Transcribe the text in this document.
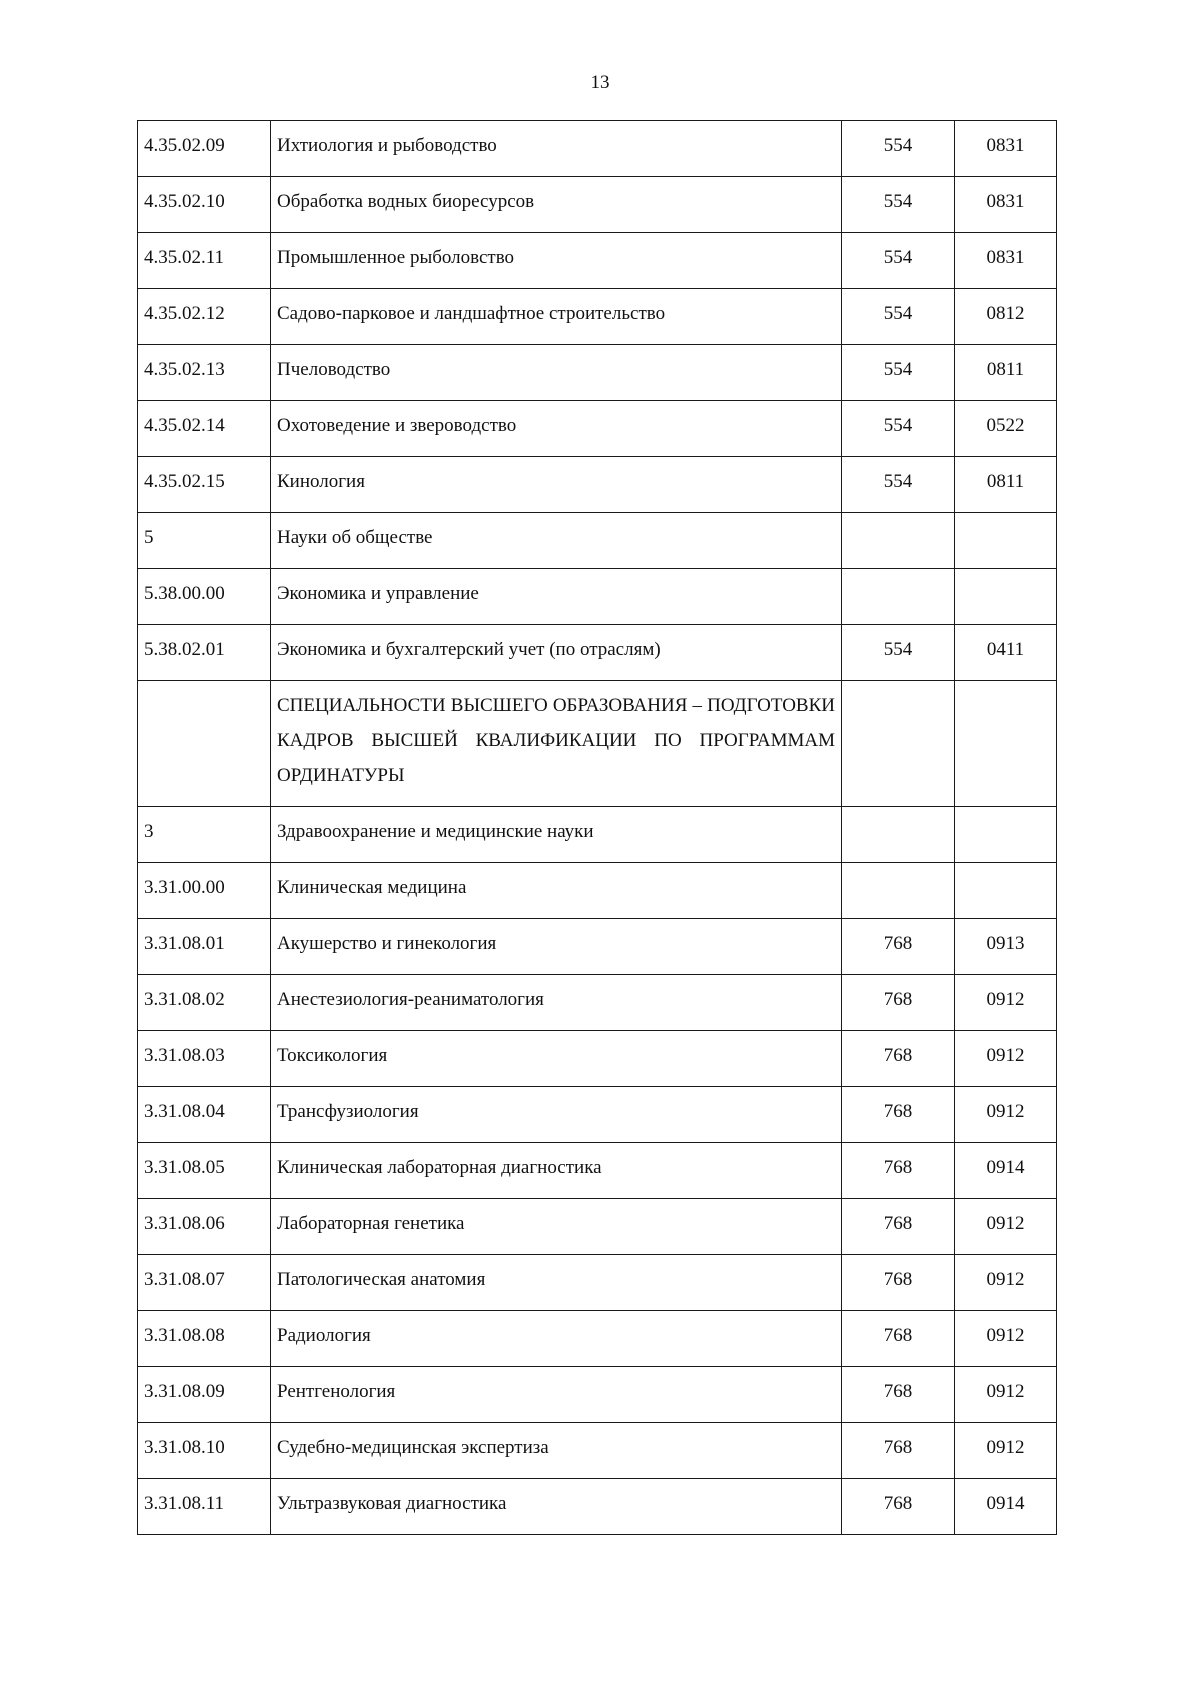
13
4.35.02.09	Ихтиология и рыбоводство	554	0831
4.35.02.10	Обработка водных биоресурсов	554	0831
4.35.02.11	Промышленное рыболовство	554	0831
4.35.02.12	Садово-парковое и ландшафтное строительство	554	0812
4.35.02.13	Пчеловодство	554	0811
4.35.02.14	Охотоведение и звероводство	554	0522
4.35.02.15	Кинология	554	0811
5	Науки об обществе		
5.38.00.00	Экономика и управление		
5.38.02.01	Экономика и бухгалтерский учет (по отраслям)	554	0411
	СПЕЦИАЛЬНОСТИ ВЫСШЕГО ОБРАЗОВАНИЯ – ПОДГОТОВКИ КАДРОВ ВЫСШЕЙ КВАЛИФИКАЦИИ ПО ПРОГРАММАМ ОРДИНАТУРЫ		
3	Здравоохранение и медицинские науки		
3.31.00.00	Клиническая медицина		
3.31.08.01	Акушерство и гинекология	768	0913
3.31.08.02	Анестезиология-реаниматология	768	0912
3.31.08.03	Токсикология	768	0912
3.31.08.04	Трансфузиология	768	0912
3.31.08.05	Клиническая лабораторная диагностика	768	0914
3.31.08.06	Лабораторная генетика	768	0912
3.31.08.07	Патологическая анатомия	768	0912
3.31.08.08	Радиология	768	0912
3.31.08.09	Рентгенология	768	0912
3.31.08.10	Судебно-медицинская экспертиза	768	0912
3.31.08.11	Ультразвуковая диагностика	768	0914
